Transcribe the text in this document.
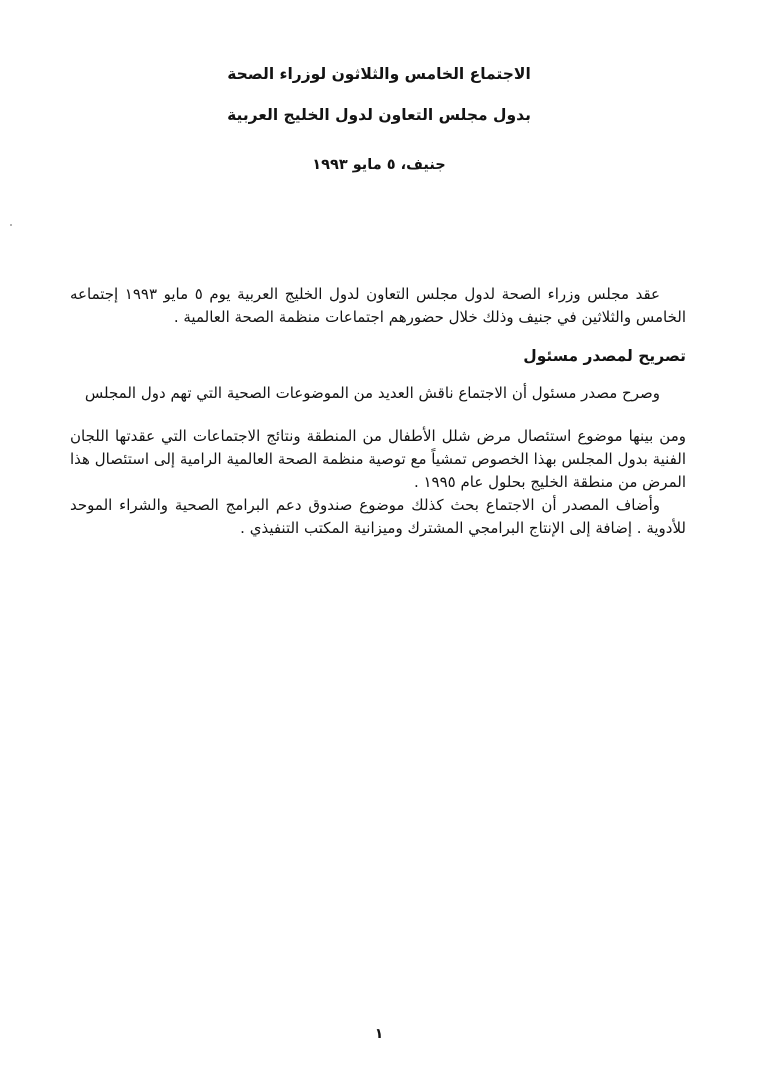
الاجتماع الخامس والثلاثون لوزراء الصحة
بدول مجلس التعاون لدول الخليج العربية

جنيف، ٥ مايو ١٩٩٣

عقد مجلس وزراء الصحة لدول مجلس التعاون لدول الخليج العربية يوم ٥ مايو ١٩٩٣ إجتماعه الخامس والثلاثين في جنيف وذلك خلال حضورهم اجتماعات منظمة الصحة العالمية .

تصريح لمصدر مسئول

وصرح مصدر مسئول أن الاجتماع ناقش العديد من الموضوعات الصحية التي تهم دول المجلس

ومن بينها موضوع استئصال مرض شلل الأطفال من المنطقة ونتائج الاجتماعات التي عقدتها اللجان الفنية بدول المجلس بهذا الخصوص تمشياً مع توصية منظمة الصحة العالمية الرامية إلى استئصال هذا المرض من منطقة الخليج بحلول عام ١٩٩٥ .

وأضاف المصدر أن الاجتماع بحث كذلك موضوع صندوق دعم البرامج الصحية والشراء الموحد للأدوية . إضافة إلى الإنتاج البرامجي المشترك وميزانية المكتب التنفيذي .

١
